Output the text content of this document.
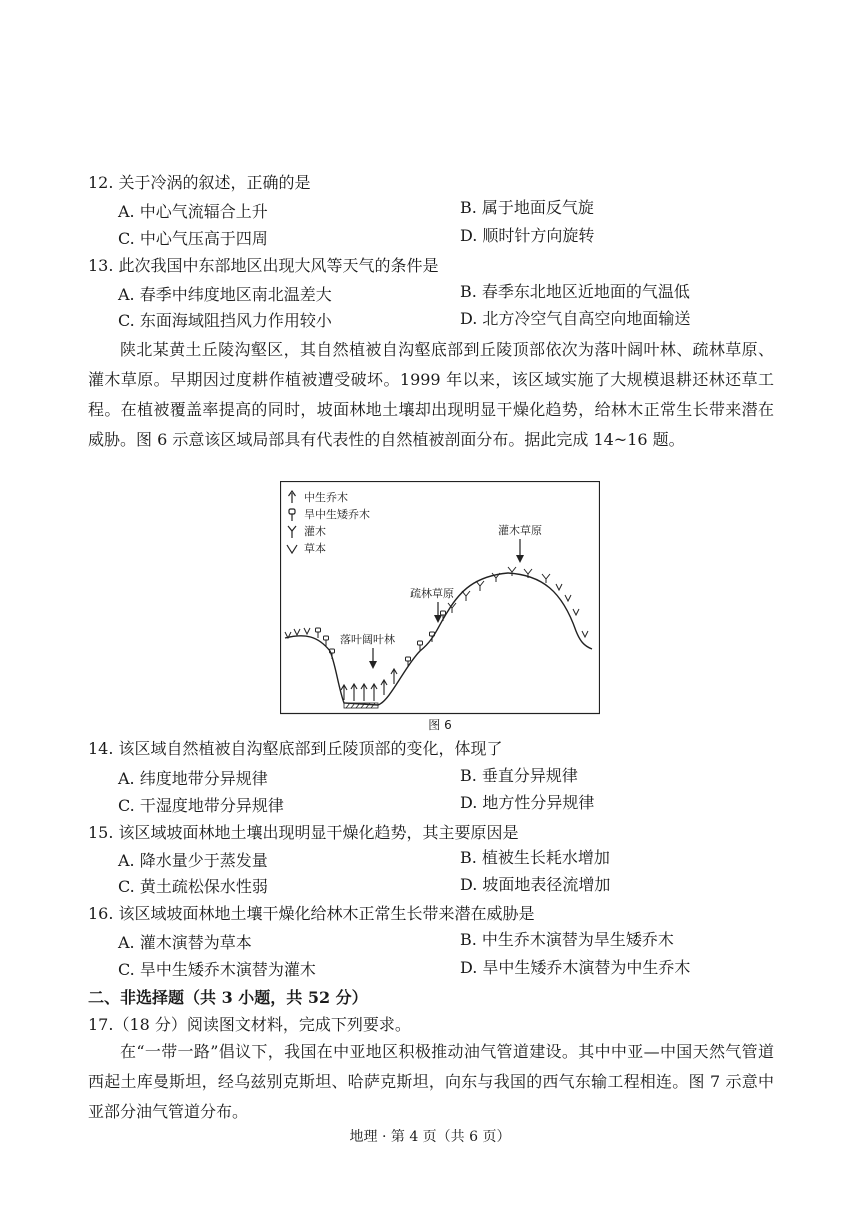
12. 关于冷涡的叙述，正确的是
A. 中心气流辐合上升	B. 属于地面反气旋
C. 中心气压高于四周	D. 顺时针方向旋转
13. 此次我国中东部地区出现大风等天气的条件是
A. 春季中纬度地区南北温差大	B. 春季东北地区近地面的气温低
C. 东面海域阻挡风力作用较小	D. 北方冷空气自高空向地面输送

陕北某黄土丘陵沟壑区，其自然植被自沟壑底部到丘陵顶部依次为落叶阔叶林、疏林草原、灌木草原。早期因过度耕作植被遭受破坏。1999 年以来，该区域实施了大规模退耕还林还草工程。在植被覆盖率提高的同时，坡面林地土壤却出现明显干燥化趋势，给林木正常生长带来潜在威胁。图 6 示意该区域局部具有代表性的自然植被剖面分布。据此完成 14~16 题。

中生乔木
旱中生矮乔木
灌木
草本
灌木草原
疏林草原
落叶阔叶林
图 6
14. 该区域自然植被自沟壑底部到丘陵顶部的变化，体现了
A. 纬度地带分异规律	B. 垂直分异规律
C. 干湿度地带分异规律	D. 地方性分异规律
15. 该区域坡面林地土壤出现明显干燥化趋势，其主要原因是
A. 降水量少于蒸发量	B. 植被生长耗水增加
C. 黄土疏松保水性弱	D. 坡面地表径流增加
16. 该区域坡面林地土壤干燥化给林木正常生长带来潜在威胁是
A. 灌木演替为草本	B. 中生乔木演替为旱生矮乔木
C. 旱中生矮乔木演替为灌木	D. 旱中生矮乔木演替为中生乔木
二、非选择题（共 3 小题，共 52 分）
17.（18 分）阅读图文材料，完成下列要求。

在“一带一路”倡议下，我国在中亚地区积极推动油气管道建设。其中中亚—中国天然气管道西起土库曼斯坦，经乌兹别克斯坦、哈萨克斯坦，向东与我国的西气东输工程相连。图 7 示意中亚部分油气管道分布。

地理 · 第 4 页（共 6 页）
